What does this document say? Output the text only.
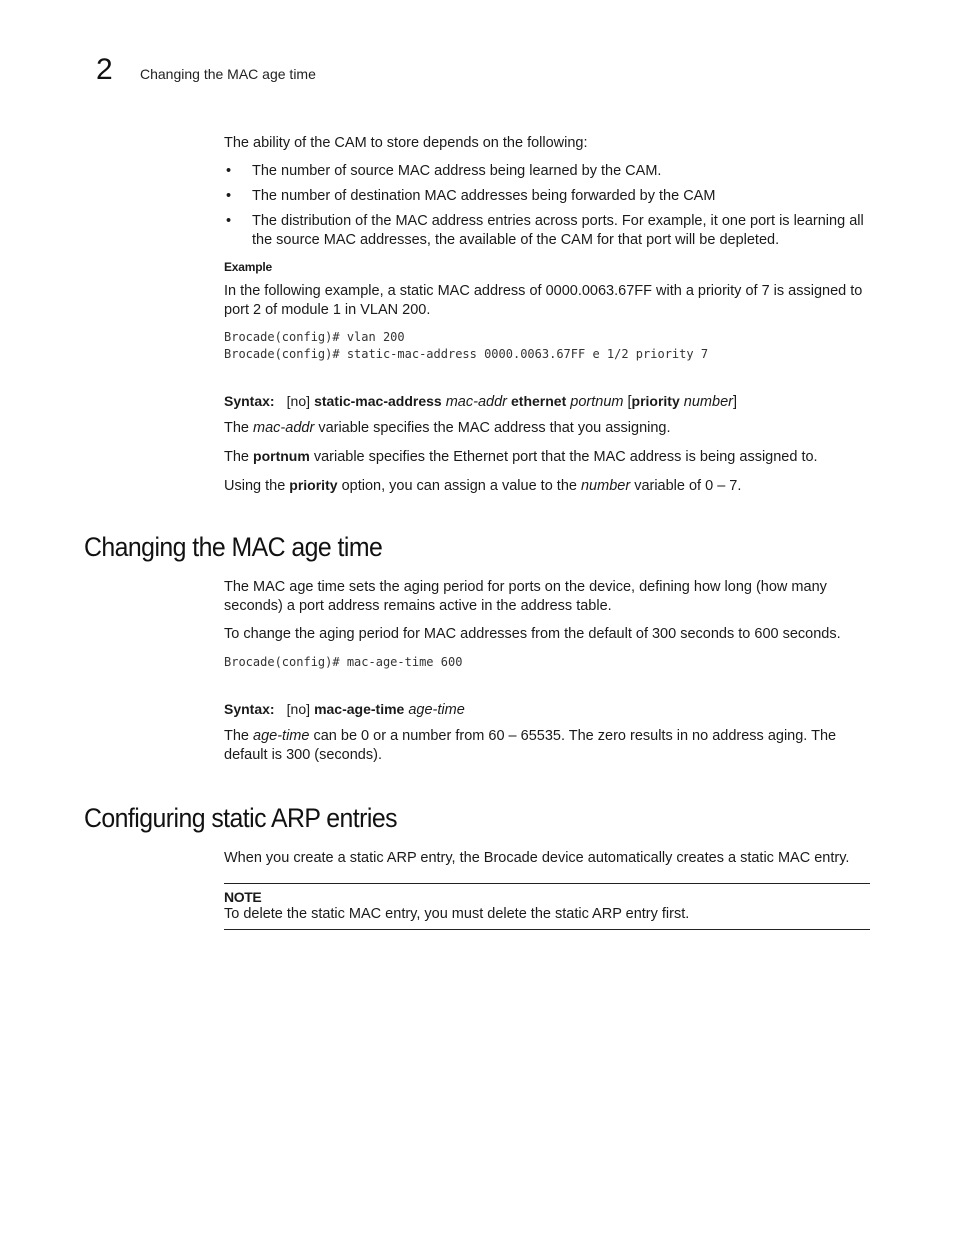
2 Changing the MAC age time

The ability of the CAM to store depends on the following:

• The number of source MAC address being learned by the CAM.
• The number of destination MAC addresses being forwarded by the CAM
• The distribution of the MAC address entries across ports. For example, it one port is learning all the source MAC addresses, the available of the CAM for that port will be depleted.
Example

In the following example, a static MAC address of 0000.0063.67FF with a priority of 7 is assigned to port 2 of module 1 in VLAN 200.

Brocade(config)# vlan 200
Brocade(config)# static-mac-address 0000.0063.67FF e 1/2 priority 7
Syntax: [no] static-mac-address mac-addr ethernet portnum [priority number]

The mac-addr variable specifies the MAC address that you assigning.

The portnum variable specifies the Ethernet port that the MAC address is being assigned to.

Using the priority option, you can assign a value to the number variable of 0 – 7.

Changing the MAC age time

The MAC age time sets the aging period for ports on the device, defining how long (how many seconds) a port address remains active in the address table.

To change the aging period for MAC addresses from the default of 300 seconds to 600 seconds.

Brocade(config)# mac-age-time 600
Syntax: [no] mac-age-time age-time

The age-time can be 0 or a number from 60 – 65535. The zero results in no address aging. The default is 300 (seconds).

Configuring static ARP entries

When you create a static ARP entry, the Brocade device automatically creates a static MAC entry.

NOTE
To delete the static MAC entry, you must delete the static ARP entry first.
